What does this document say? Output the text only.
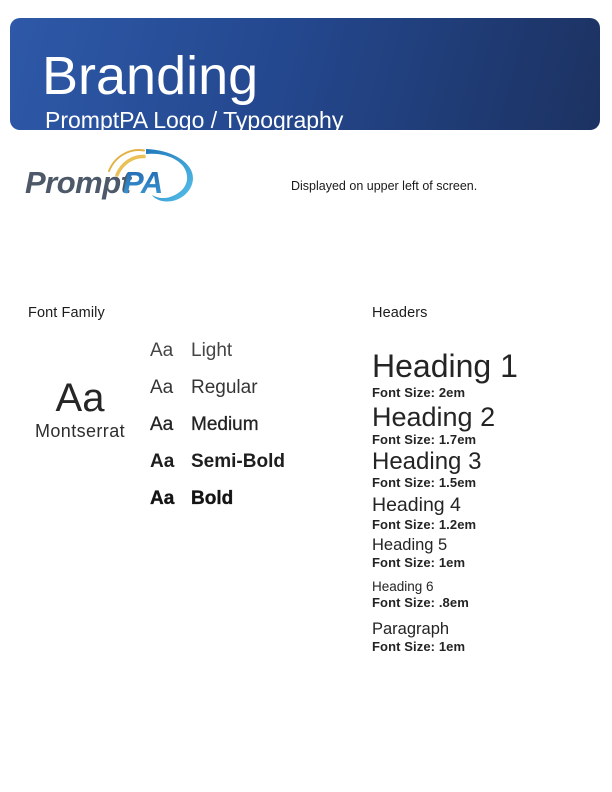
Branding
PromptPA Logo / Typography
Prompt
PA	Displayed on upper left of screen.
Font Family
Aa
Montserrat
Aa Light
Aa Regular
Aa Medium
Aa Semi-Bold
Aa Bold
Headers
Heading 1
Font Size: 2em
Heading 2
Font Size: 1.7em
Heading 3
Font Size: 1.5em
Heading 4
Font Size: 1.2em
Heading 5
Font Size: 1em
Heading 6
Font Size: .8em
Paragraph
Font Size: 1em
